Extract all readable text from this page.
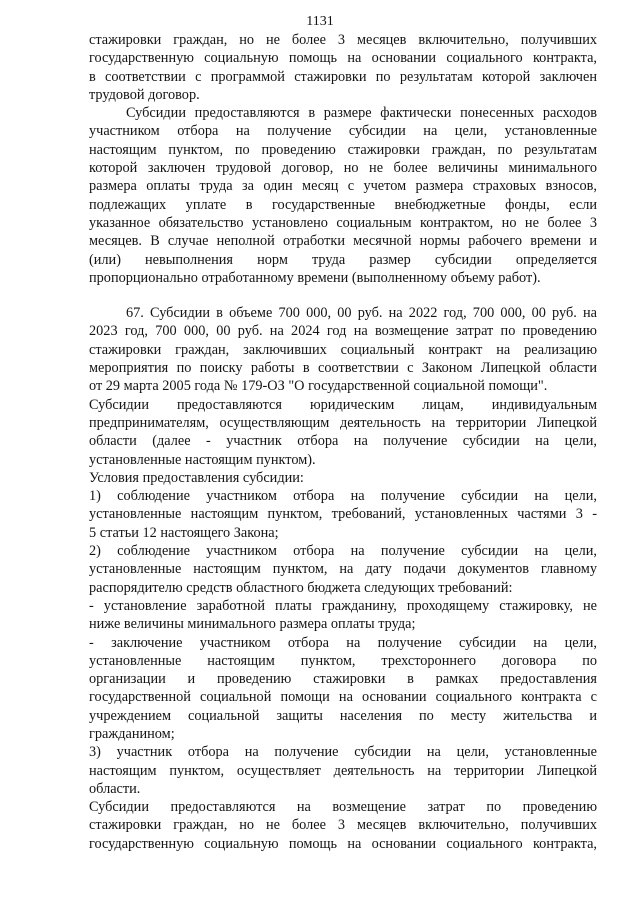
1131
стажировки граждан, но не более 3 месяцев включительно, получивших
государственную социальную помощь на основании социального контракта,
в соответствии с программой стажировки по результатам которой заключен
трудовой договор.
Субсидии предоставляются в размере фактически понесенных расходов
участником отбора на получение субсидии на цели, установленные
настоящим пунктом, по проведению стажировки граждан, по результатам
которой заключен трудовой договор, но не более величины минимального
размера оплаты труда за один месяц с учетом размера страховых взносов,
подлежащих уплате в государственные внебюджетные фонды, если
указанное обязательство установлено социальным контрактом, но не более 3
месяцев. В случае неполной отработки месячной нормы рабочего времени и
(или) невыполнения норм труда размер субсидии определяется
пропорционально отработанному времени (выполненному объему работ).
67. Субсидии в объеме 700 000, 00 руб. на 2022 год, 700 000, 00 руб. на
2023 год, 700 000, 00 руб. на 2024 год на возмещение затрат по проведению
стажировки граждан, заключивших социальный контракт на реализацию
мероприятия по поиску работы в соответствии с Законом Липецкой области
от 29 марта 2005 года № 179-ОЗ "О государственной социальной помощи".
Субсидии предоставляются юридическим лицам, индивидуальным
предпринимателям, осуществляющим деятельность на территории Липецкой
области (далее - участник отбора на получение субсидии на цели,
установленные настоящим пунктом).
Условия предоставления субсидии:
1) соблюдение участником отбора на получение субсидии на цели,
установленные настоящим пунктом, требований, установленных частями 3 -
5 статьи 12 настоящего Закона;
2) соблюдение участником отбора на получение субсидии на цели,
установленные настоящим пунктом, на дату подачи документов главному
распорядителю средств областного бюджета следующих требований:
- установление заработной платы гражданину, проходящему стажировку, не
ниже величины минимального размера оплаты труда;
- заключение участником отбора на получение субсидии на цели,
установленные настоящим пунктом, трехстороннего договора по
организации и проведению стажировки в рамках предоставления
государственной социальной помощи на основании социального контракта с
учреждением социальной защиты населения по месту жительства и
гражданином;
3) участник отбора на получение субсидии на цели, установленные
настоящим пунктом, осуществляет деятельность на территории Липецкой
области.
Субсидии предоставляются на возмещение затрат по проведению
стажировки граждан, но не более 3 месяцев включительно, получивших
государственную социальную помощь на основании социального контракта,
